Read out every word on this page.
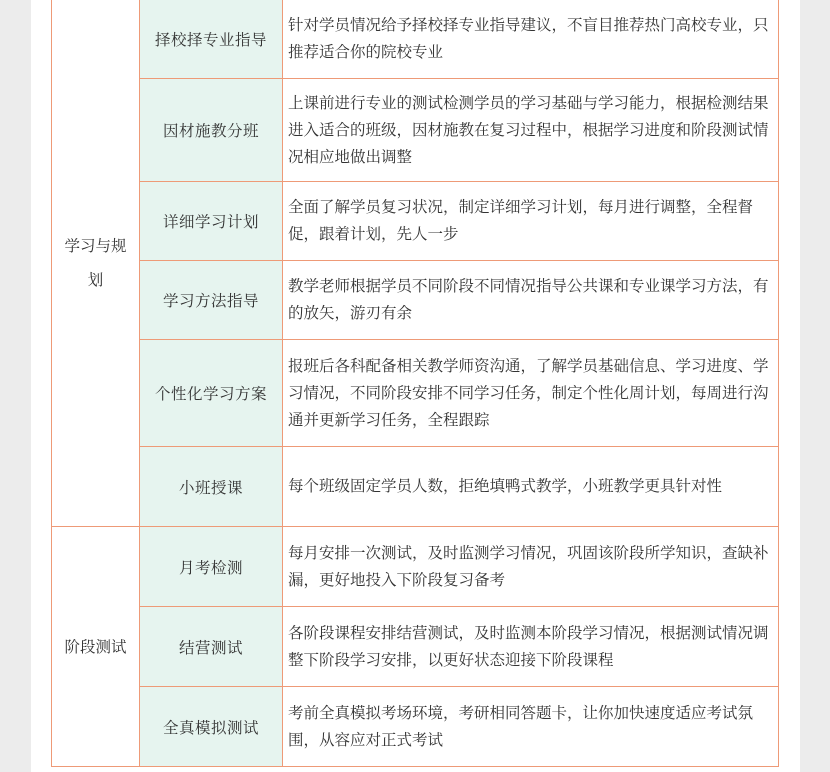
学习与规划	择校择专业指导	针对学员情况给予择校择专业指导建议，不盲目推荐热门高校专业，只推荐适合你的院校专业
	因材施教分班	上课前进行专业的测试检测学员的学习基础与学习能力，根据检测结果进入适合的班级，因材施教在复习过程中，根据学习进度和阶段测试情况相应地做出调整
	详细学习计划	全面了解学员复习状况，制定详细学习计划，每月进行调整，全程督促，跟着计划，先人一步
	学习方法指导	教学老师根据学员不同阶段不同情况指导公共课和专业课学习方法，有的放矢，游刃有余
	个性化学习方案	报班后各科配备相关教学师资沟通，了解学员基础信息、学习进度、学习情况，不同阶段安排不同学习任务，制定个性化周计划，每周进行沟通并更新学习任务，全程跟踪
	小班授课	每个班级固定学员人数，拒绝填鸭式教学，小班教学更具针对性
阶段测试	月考检测	每月安排一次测试，及时监测学习情况，巩固该阶段所学知识，查缺补漏，更好地投入下阶段复习备考
	结营测试	各阶段课程安排结营测试，及时监测本阶段学习情况，根据测试情况调整下阶段学习安排，以更好状态迎接下阶段课程
	全真模拟测试	考前全真模拟考场环境，考研相同答题卡，让你加快速度适应考试氛围，从容应对正式考试
